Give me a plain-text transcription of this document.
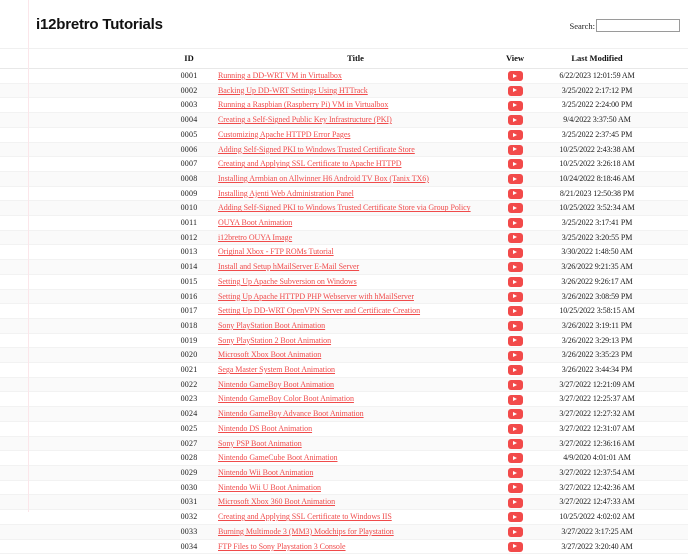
i12bretro Tutorials	Search:
	ID	Title	View	Last Modified	
	0001	Running a DD-WRT VM in Virtualbox		6/22/2023 12:01:59 AM	
	0002	Backing Up DD-WRT Settings Using HTTrack		3/25/2022 2:17:12 PM	
	0003	Running a Raspbian (Raspberry Pi) VM in Virtualbox		3/25/2022 2:24:00 PM	
	0004	Creating a Self-Signed Public Key Infrastructure (PKI)		9/4/2022 3:37:50 AM	
	0005	Customizing Apache HTTPD Error Pages		3/25/2022 2:37:45 PM	
	0006	Adding Self-Signed PKI to Windows Trusted Certificate Store		10/25/2022 2:43:38 AM	
	0007	Creating and Applying SSL Certificate to Apache HTTPD		10/25/2022 3:26:18 AM	
	0008	Installing Armbian on Allwinner H6 Android TV Box (Tanix TX6)		10/24/2022 8:18:46 AM	
	0009	Installing Ajenti Web Administration Panel		8/21/2023 12:50:38 PM	
	0010	Adding Self-Signed PKI to Windows Trusted Certificate Store via Group Policy		10/25/2022 3:52:34 AM	
	0011	OUYA Boot Animation		3/25/2022 3:17:41 PM	
	0012	i12bretro OUYA Image		3/25/2022 3:20:55 PM	
	0013	Original Xbox - FTP ROMs Tutorial		3/30/2022 1:48:50 AM	
	0014	Install and Setup hMailServer E-Mail Server		3/26/2022 9:21:35 AM	
	0015	Setting Up Apache Subversion on Windows		3/26/2022 9:26:17 AM	
	0016	Setting Up Apache HTTPD PHP Webserver with hMailServer		3/26/2022 3:08:59 PM	
	0017	Setting Up DD-WRT OpenVPN Server and Certificate Creation		10/25/2022 3:58:15 AM	
	0018	Sony PlayStation Boot Animation		3/26/2022 3:19:11 PM	
	0019	Sony PlayStation 2 Boot Animation		3/26/2022 3:29:13 PM	
	0020	Microsoft Xbox Boot Animation		3/26/2022 3:35:23 PM	
	0021	Sega Master System Boot Animation		3/26/2022 3:44:34 PM	
	0022	Nintendo GameBoy Boot Animation		3/27/2022 12:21:09 AM	
	0023	Nintendo GameBoy Color Boot Animation		3/27/2022 12:25:37 AM	
	0024	Nintendo GameBoy Advance Boot Animation		3/27/2022 12:27:32 AM	
	0025	Nintendo DS Boot Animation		3/27/2022 12:31:07 AM	
	0027	Sony PSP Boot Animation		3/27/2022 12:36:16 AM	
	0028	Nintendo GameCube Boot Animation		4/9/2020 4:01:01 AM	
	0029	Nintendo Wii Boot Animation		3/27/2022 12:37:54 AM	
	0030	Nintendo Wii U Boot Animation		3/27/2022 12:42:36 AM	
	0031	Microsoft Xbox 360 Boot Animation		3/27/2022 12:47:33 AM	
	0032	Creating and Applying SSL Certificate to Windows IIS		10/25/2022 4:02:02 AM	
	0033	Burning Multimode 3 (MM3) Modchips for Playstation		3/27/2022 3:17:25 AM	
	0034	FTP Files to Sony Playstation 3 Console		3/27/2022 3:20:40 AM	
